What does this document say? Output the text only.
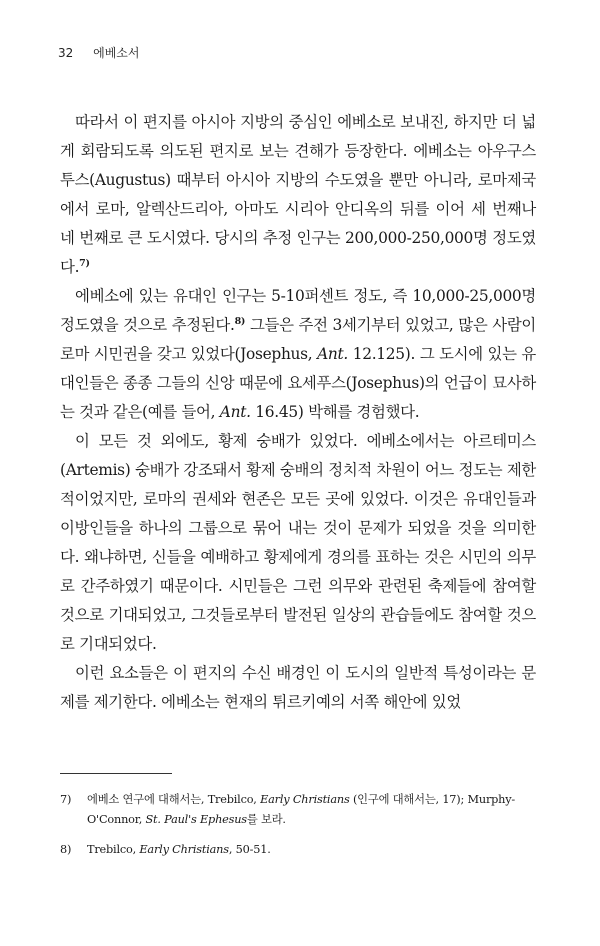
32 에베소서

따라서 이 편지를 아시아 지방의 중심인 에베소로 보내진, 하지만 더 넓게 회람되도록 의도된 편지로 보는 견해가 등장한다. 에베소는 아우구스투스(Augustus) 때부터 아시아 지방의 수도였을 뿐만 아니라, 로마제국에서 로마, 알렉산드리아, 아마도 시리아 안디옥의 뒤를 이어 세 번째나 네 번째로 큰 도시였다. 당시의 추정 인구는 200,000-250,000명 정도였다.$^{7)}$

에베소에 있는 유대인 인구는 5-10퍼센트 정도, 즉 10,000-25,000명 정도였을 것으로 추정된다.$^{8)}$ 그들은 주전 3세기부터 있었고, 많은 사람이 로마 시민권을 갖고 있었다(Josephus, Ant. 12.125). 그 도시에 있는 유대인들은 종종 그들의 신앙 때문에 요세푸스(Josephus)의 언급이 묘사하는 것과 같은(예를 들어, Ant. 16.45) 박해를 경험했다.

이 모든 것 외에도, 황제 숭배가 있었다. 에베소에서는 아르테미스(Artemis) 숭배가 강조돼서 황제 숭배의 정치적 차원이 어느 정도는 제한적이었지만, 로마의 권세와 현존은 모든 곳에 있었다. 이것은 유대인들과 이방인들을 하나의 그룹으로 묶어 내는 것이 문제가 되었을 것을 의미한다. 왜냐하면, 신들을 예배하고 황제에게 경의를 표하는 것은 시민의 의무로 간주하였기 때문이다. 시민들은 그런 의무와 관련된 축제들에 참여할 것으로 기대되었고, 그것들로부터 발전된 일상의 관습들에도 참여할 것으로 기대되었다.

이런 요소들은 이 편지의 수신 배경인 이 도시의 일반적 특성이라는 문제를 제기한다. 에베소는 현재의 튀르키예의 서쪽 해안에 있었

7)	에베소 연구에 대해서는, Trebilco, Early Christians (인구에 대해서는, 17); Murphy-O'Connor, St. Paul's Ephesus를 보라.
8)	Trebilco, Early Christians, 50-51.
